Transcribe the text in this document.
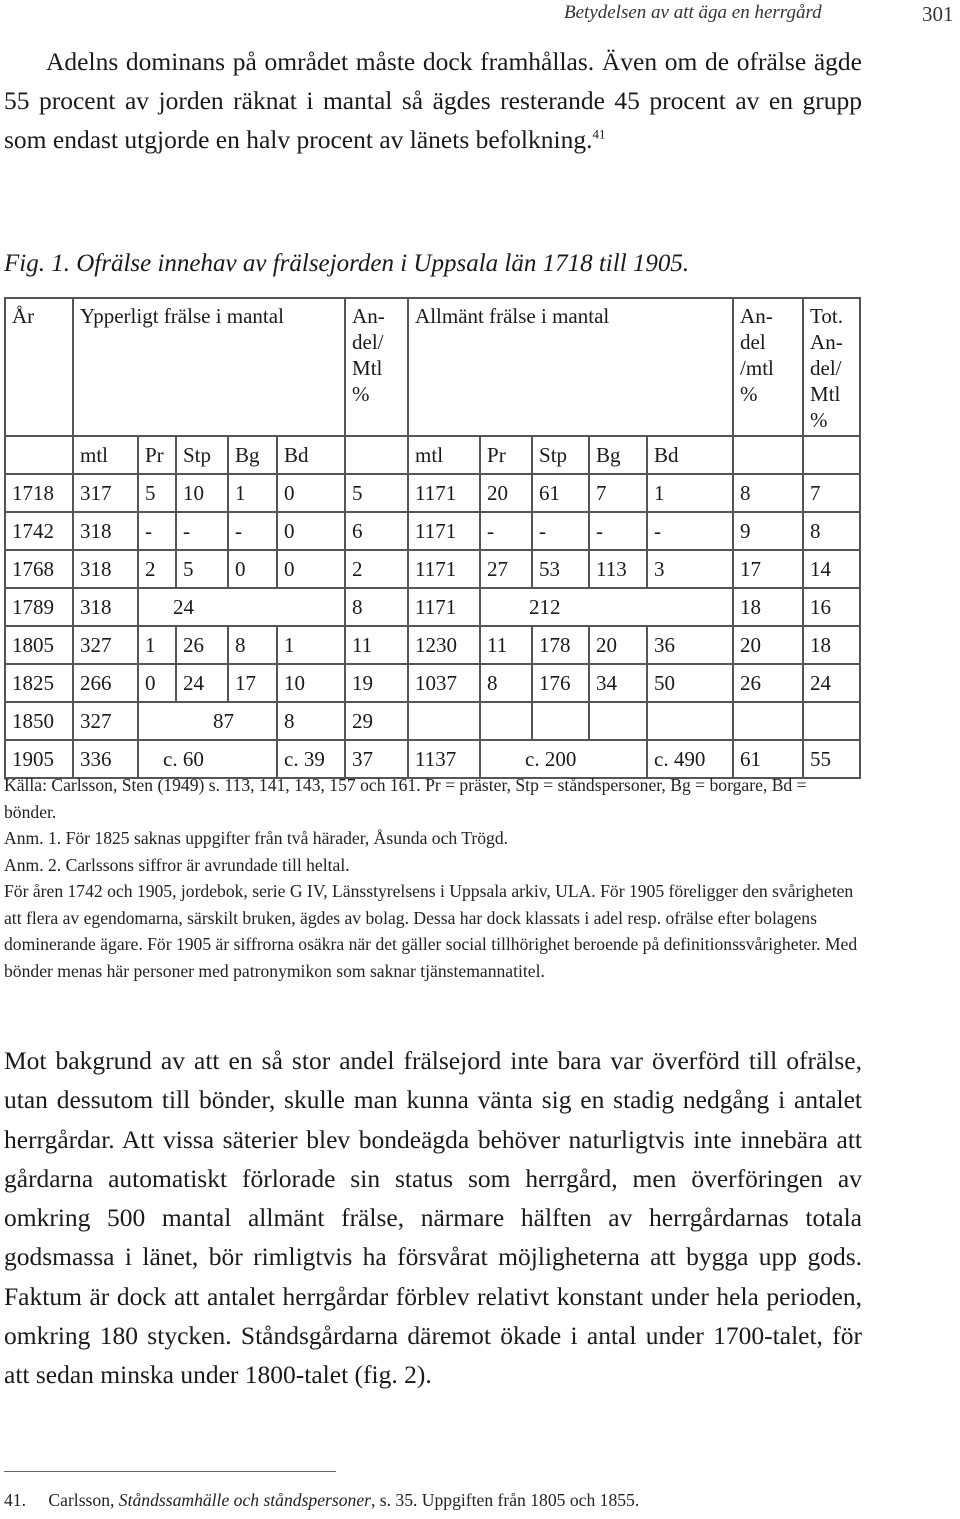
Betydelsen av att äga en herrgård	301

Adelns dominans på området måste dock framhållas. Även om de ofrälse ägde 55 procent av jorden räknat i mantal så ägdes resterande 45 procent av en grupp som endast utgjorde en halv procent av länets befolkning.$^{41}$

Fig. 1. Ofrälse innehav av frälsejorden i Uppsala län 1718 till 1905.
År	Ypperligt frälse i mantal					An-del/ Mtl %	Allmänt frälse i mantal					An-del /mtl %	Tot. An-del/ Mtl %
	mtl	Pr	Stp	Bg	Bd		mtl	Pr	Stp	Bg	Bd		
1718	317	5	10	1	0	5	1171	20	61	7	1	8	7
1742	318	-	-	-	0	6	1171	-	-	-	-	9	8
1768	318	2	5	0	0	2	1171	27	53	113	3	17	14
1789	318	24				8	1171	212				18	16
1805	327	1	26	8	1	11	1230	11	178	20	36	20	18
1825	266	0	24	17	10	19	1037	8	176	34	50	26	24
1850	327	87			8	29							
1905	336	c. 60			c. 39	37	1137	c. 200			c. 490	61	55
Källa: Carlsson, Sten (1949) s. 113, 141, 143, 157 och 161. Pr = präster, Stp = ståndspersoner, Bg = borgare, Bd = bönder.
Anm. 1. För 1825 saknas uppgifter från två härader, Åsunda och Trögd.
Anm. 2. Carlssons siffror är avrundade till heltal.
För åren 1742 och 1905, jordebok, serie G IV, Länsstyrelsens i Uppsala arkiv, ULA. För 1905 föreligger den svårigheten att flera av egendomarna, särskilt bruken, ägdes av bolag. Dessa har dock klassats i adel resp. ofrälse efter bolagens dominerande ägare. För 1905 är siffrorna osäkra när det gäller social tillhörighet beroende på definitionssvårigheter. Med bönder menas här personer med patronymikon som saknar tjänstemannatitel.

Mot bakgrund av att en så stor andel frälsejord inte bara var överförd till ofrälse, utan dessutom till bönder, skulle man kunna vänta sig en stadig nedgång i antalet herrgårdar. Att vissa säterier blev bondeägda behöver naturligtvis inte innebära att gårdarna automatiskt förlorade sin status som herrgård, men överföringen av omkring 500 mantal allmänt frälse, närmare hälften av herrgårdarnas totala godsmassa i länet, bör rimligtvis ha försvårat möjligheterna att bygga upp gods. Faktum är dock att antalet herrgårdar förblev relativt konstant under hela perioden, omkring 180 stycken. Ståndsgårdarna däremot ökade i antal under 1700-talet, för att sedan minska under 1800-talet (fig. 2).

41. Carlsson, Ståndssamhälle och ståndspersoner, s. 35. Uppgiften från 1805 och 1855.
